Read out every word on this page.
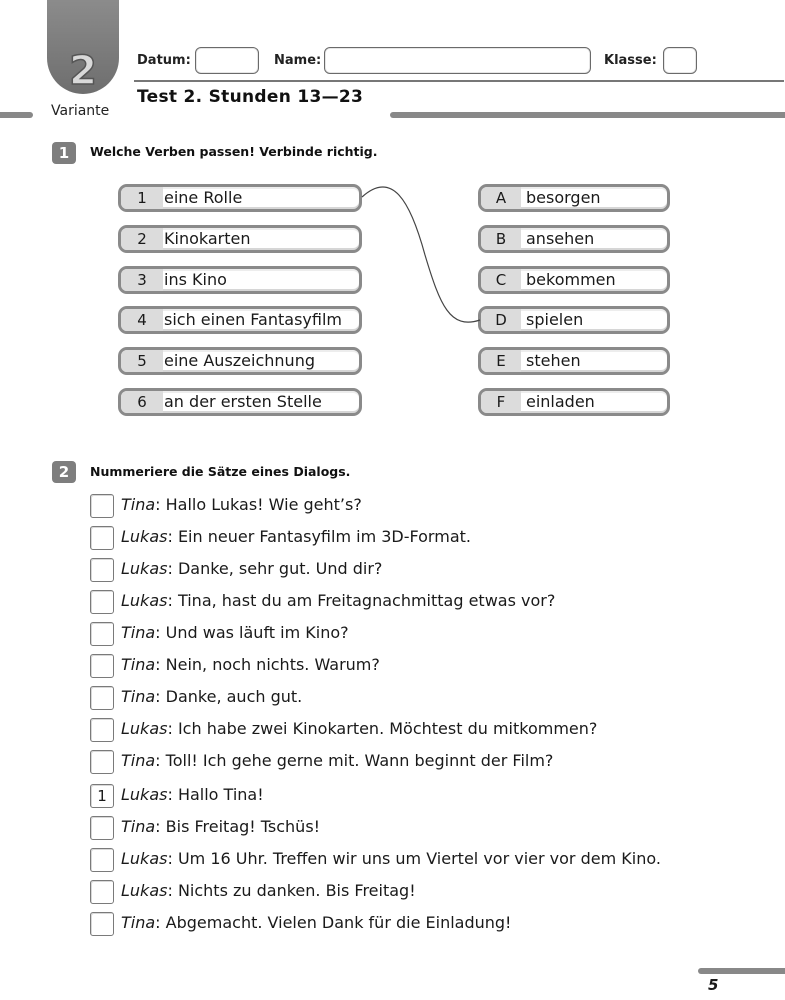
2
Variante
Datum:	Name:	Klasse:
Test 2. Stunden 13—23
1	Welche Verben passen! Verbinde richtig.
1	eine Rolle
2	Kinokarten
3	ins Kino
4	sich einen Fantasyfilm
5	eine Auszeichnung
6	an der ersten Stelle
A	besorgen
B	ansehen
C	bekommen
D	spielen
E	stehen
F	einladen
2	Nummeriere die Sätze eines Dialogs.
Tina: Hallo Lukas! Wie geht’s?
Lukas: Ein neuer Fantasyfilm im 3D-Format.
Lukas: Danke, sehr gut. Und dir?
Lukas: Tina, hast du am Freitagnachmittag etwas vor?
Tina: Und was läuft im Kino?
Tina: Nein, noch nichts. Warum?
Tina: Danke, auch gut.
Lukas: Ich habe zwei Kinokarten. Möchtest du mitkommen?
Tina: Toll! Ich gehe gerne mit. Wann beginnt der Film?
1 Lukas: Hallo Tina!
Tina: Bis Freitag! Tschüs!
Lukas: Um 16 Uhr. Treffen wir uns um Viertel vor vier vor dem Kino.
Lukas: Nichts zu danken. Bis Freitag!
Tina: Abgemacht. Vielen Dank für die Einladung!
5
